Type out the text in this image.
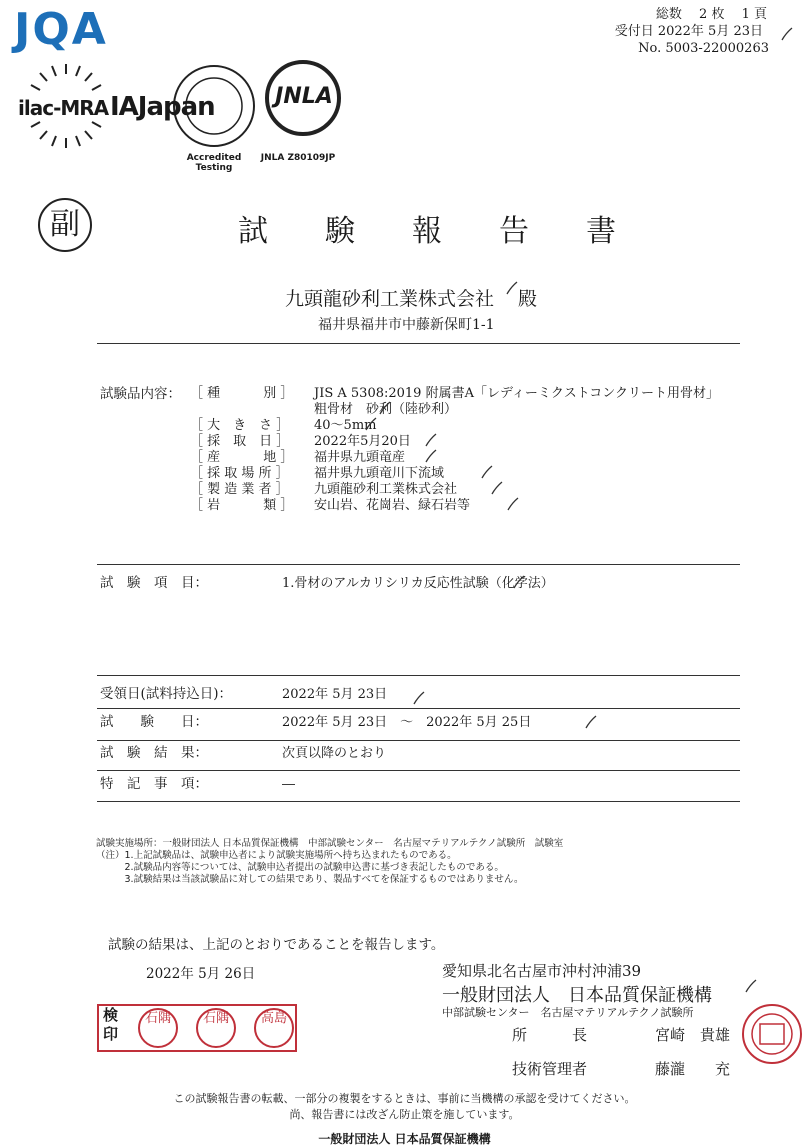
JQA	総数　 2 枚　 1 頁
受付日 2022年 5月 23日
No. 5003-22000263
ilac-MRA IAJapan
Accredited
Testing
JNLA
JNLA Z80109JP
副	試 験 報 告 書
九頭龍砂利工業株式会社 殿
福井県福井市中藤新保町1-1
試験品内容： ［ 種　　　 別 ］ JIS A 5308:2019 附属書A「レディーミクストコンクリート用骨材」
粗骨材　砂利（陸砂利）
［ 大　き　さ ］ 40～5mm
［ 採　取　日 ］ 2022年5月20日
［ 産　　　 地 ］ 福井県九頭竜産
［ 採 取 場 所 ］ 福井県九頭竜川下流域
［ 製 造 業 者 ］ 九頭龍砂利工業株式会社
［ 岩　　　 類 ］ 安山岩、花崗岩、緑石岩等
試　験　項　目：	1.骨材のアルカリシリカ反応性試験（化学法）
受領日(試料持込日)：	2022年 5月 23日
試　　験　　日：	2022年 5月 23日　～　2022年 5月 25日
試　験　結　果：	次頁以降のとおり
特　記　事　項：	―
試験実施場所：一般財団法人 日本品質保証機構　中部試験センター　名古屋マテリアルテクノ試験所　試験室
（注）1.上記試験品は、試験申込者により試験実施場所へ持ち込まれたものである。
　　　2.試験品内容等については、試験申込者提出の試験申込書に基づき表記したものである。
　　　3.試験結果は当該試験品に対しての結果であり、製品すべてを保証するものではありません。
試験の結果は、上記のとおりであることを報告します。
2022年 5月 26日	愛知県北名古屋市沖村沖浦39
一般財団法人　日本品質保証機構
中部試験センター　名古屋マテリアルテクノ試験所
所　　　長	宮崎　貴雄
技術管理者	藤瀧　　充
検
印
石隅	石隅	高島
この試験報告書の転載、一部分の複製をするときは、事前に当機構の承認を受けてください。
尚、報告書には改ざん防止策を施しています。
一般財団法人 日本品質保証機構
